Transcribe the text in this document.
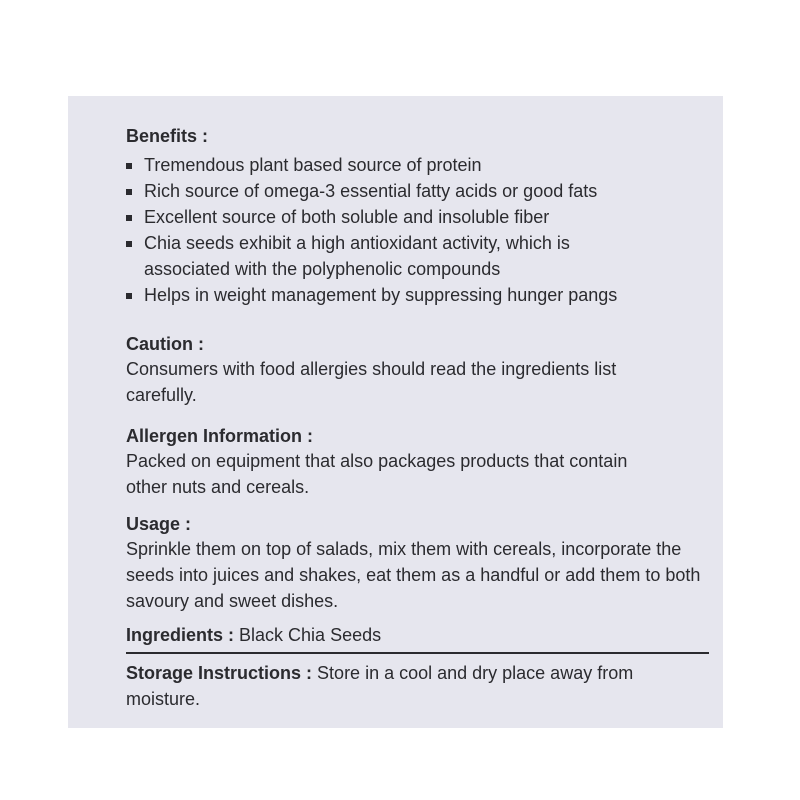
Benefits :
Tremendous plant based source of protein
Rich source of omega-3 essential fatty acids or good fats
Excellent source of both soluble and insoluble fiber
Chia seeds exhibit a high antioxidant activity, which is associated with the polyphenolic compounds
Helps in weight management by suppressing hunger pangs
Caution :
Consumers with food allergies should read the ingredients list carefully.
Allergen Information :
Packed on equipment that also packages products that contain other nuts and cereals.
Usage :
Sprinkle them on top of salads, mix them with cereals, incorporate the seeds into juices and shakes, eat them as a handful or add them to both savoury and sweet dishes.
Ingredients : Black Chia Seeds
Storage Instructions : Store in a cool and dry place away from moisture.
